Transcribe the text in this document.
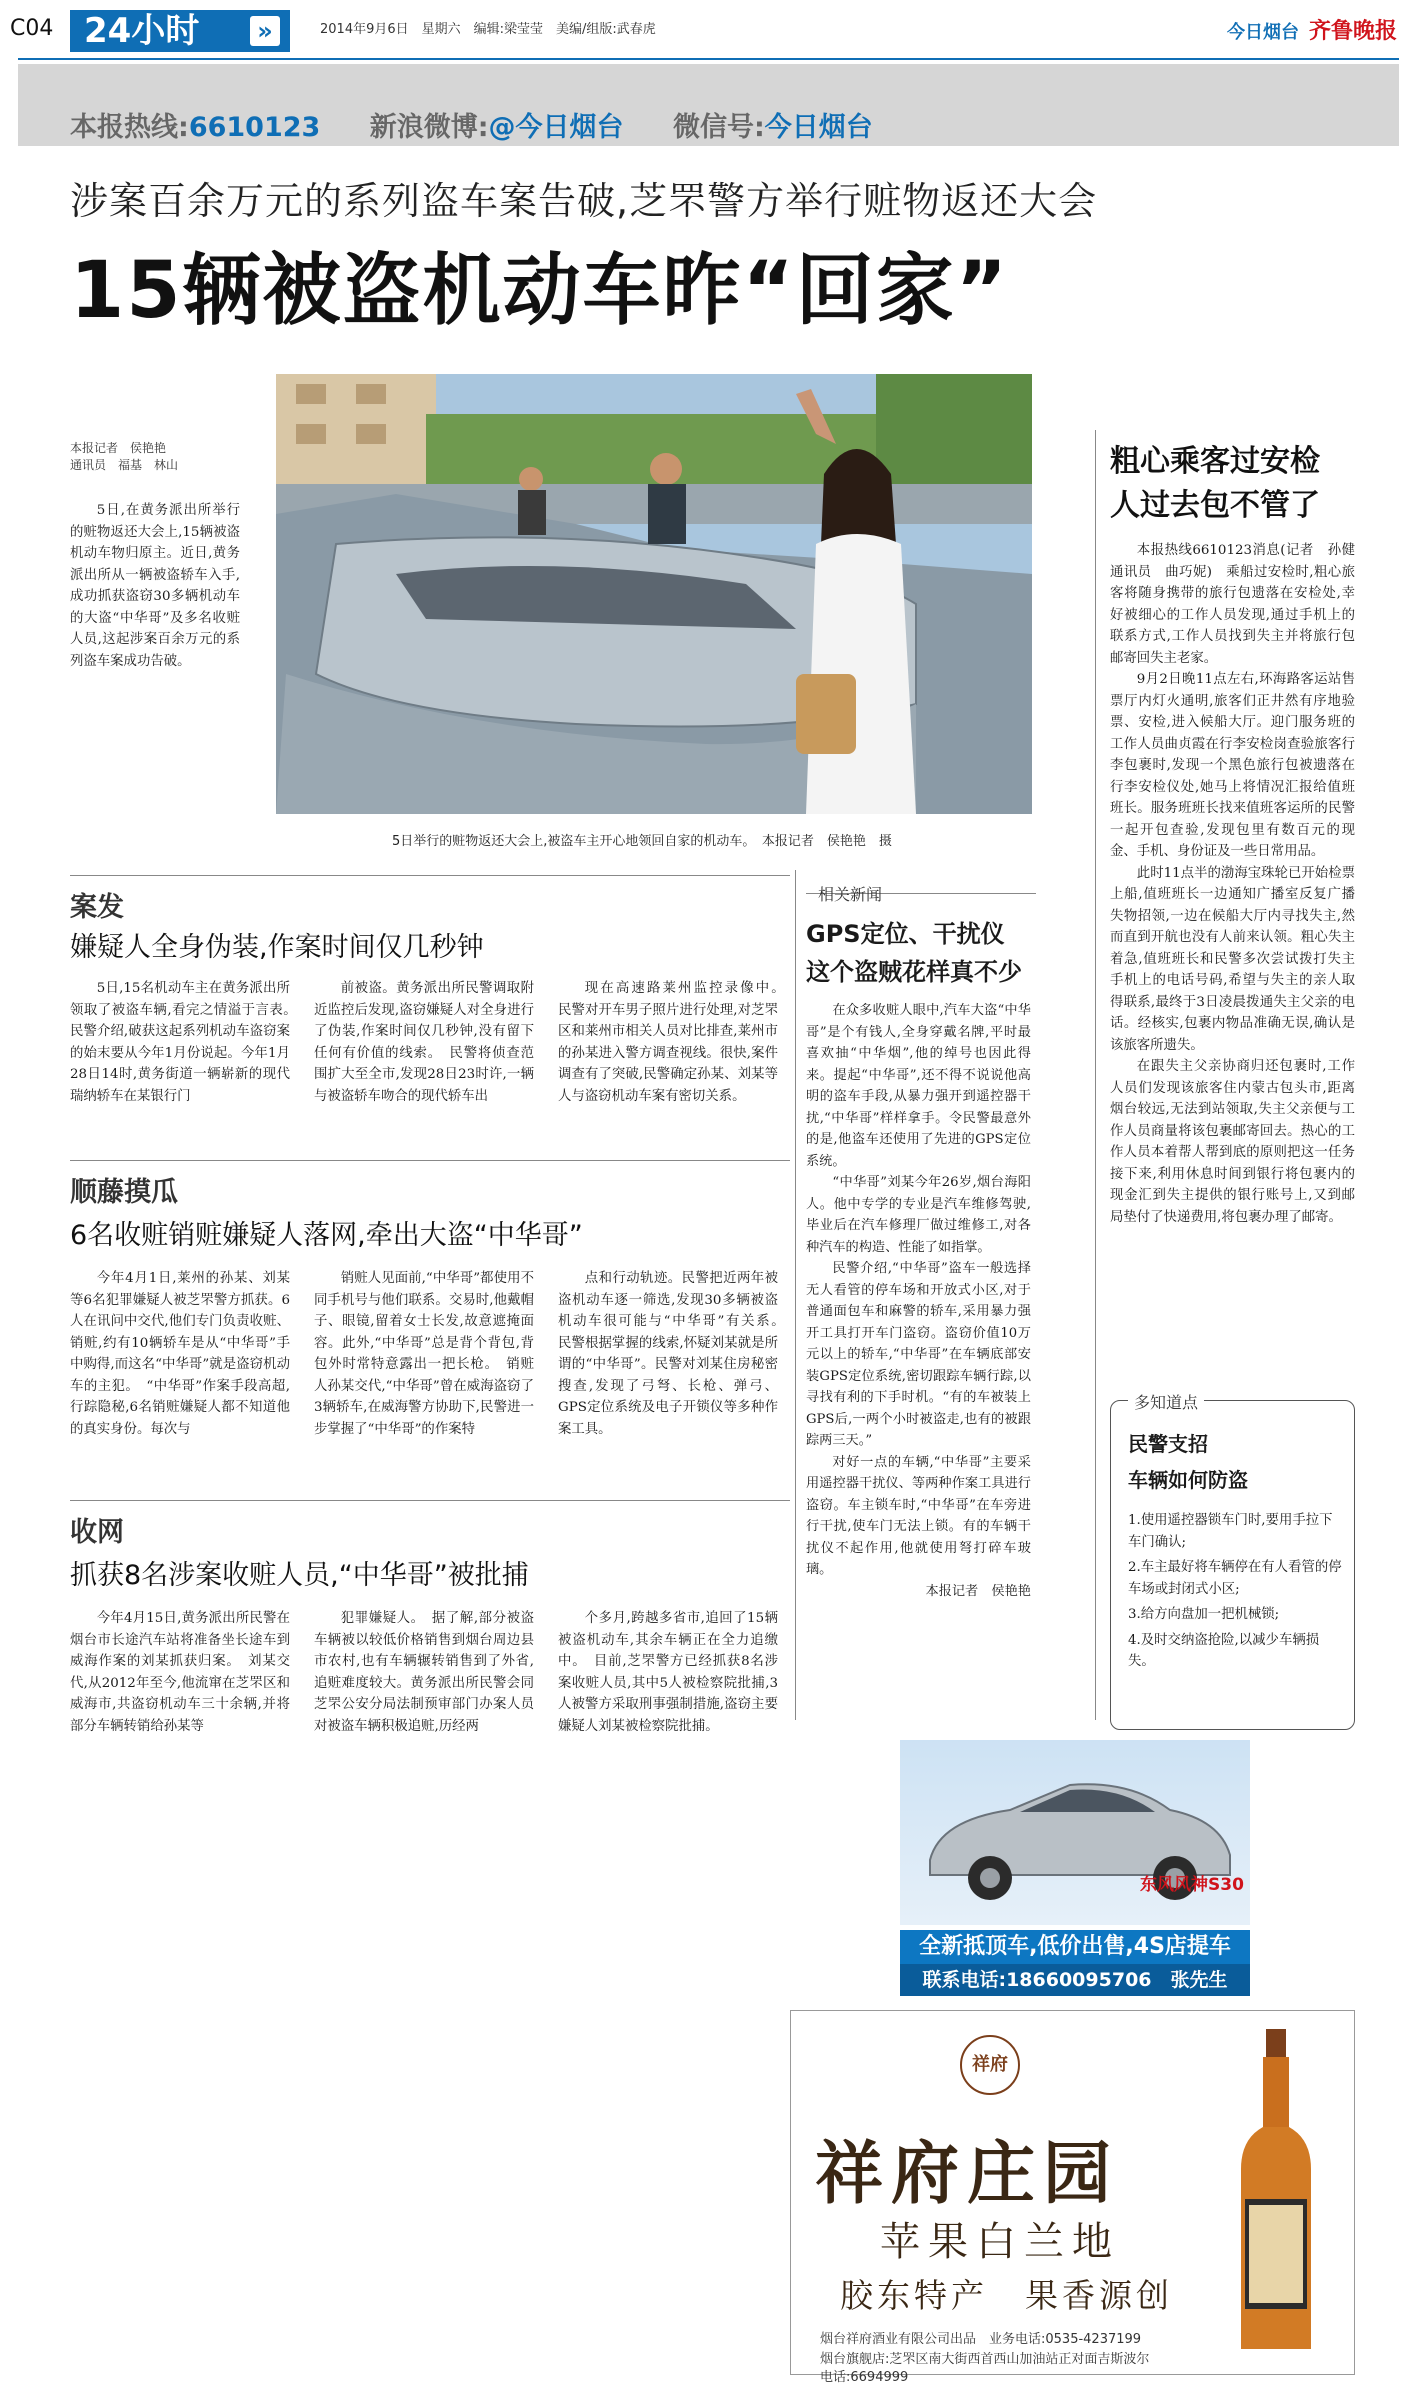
C04 24小时	»	2014年9月6日　星期六　编辑:梁莹莹　美编/组版:武春虎	今日烟台 齐鲁晚报
本报热线:6610123 新浪微博:@今日烟台 微信号:今日烟台
涉案百余万元的系列盗车案告破,芝罘警方举行赃物返还大会
15辆被盗机动车昨“回家”
5日举行的赃物返还大会上,被盗车主开心地领回自家的机动车。　本报记者　侯艳艳　摄
本报记者　侯艳艳
通讯员　福基　林山

5日,在黄务派出所举行的赃物返还大会上,15辆被盗机动车物归原主。近日,黄务派出所从一辆被盗轿车入手,成功抓获盗窃30多辆机动车的大盗“中华哥”及多名收赃人员,这起涉案百余万元的系列盗车案成功告破。

案发
嫌疑人全身伪装,作案时间仅几秒钟

5日,15名机动车主在黄务派出所领取了被盗车辆,看完之情溢于言表。　民警介绍,破获这起系列机动车盗窃案的始末要从今年1月份说起。今年1月28日14时,黄务街道一辆崭新的现代瑞纳轿车在某银行门

前被盗。黄务派出所民警调取附近监控后发现,盗窃嫌疑人对全身进行了伪装,作案时间仅几秒钟,没有留下任何有价值的线索。　民警将侦查范围扩大至全市,发现28日23时许,一辆与被盗轿车吻合的现代轿车出

现在高速路莱州监控录像中。　民警对开车男子照片进行处理,对芝罘区和莱州市相关人员对比排查,莱州市的孙某进入警方调查视线。很快,案件调查有了突破,民警确定孙某、刘某等人与盗窃机动车案有密切关系。

顺藤摸瓜
6名收赃销赃嫌疑人落网,牵出大盗“中华哥”

今年4月1日,莱州的孙某、刘某等6名犯罪嫌疑人被芝罘警方抓获。6人在讯问中交代,他们专门负责收赃、销赃,约有10辆轿车是从“中华哥”手中购得,而这名“中华哥”就是盗窃机动车的主犯。　“中华哥”作案手段高超,行踪隐秘,6名销赃嫌疑人都不知道他的真实身份。每次与

销赃人见面前,“中华哥”都使用不同手机号与他们联系。交易时,他戴帽子、眼镜,留着女士长发,故意遮掩面容。此外,“中华哥”总是背个背包,背包外时常特意露出一把长枪。　销赃人孙某交代,“中华哥”曾在威海盗窃了3辆轿车,在威海警方协助下,民警进一步掌握了“中华哥”的作案特

点和行动轨迹。民警把近两年被盗机动车逐一筛选,发现30多辆被盗机动车很可能与“中华哥”有关系。　民警根据掌握的线索,怀疑刘某就是所谓的“中华哥”。民警对刘某住房秘密搜查,发现了弓弩、长枪、弹弓、GPS定位系统及电子开锁仪等多种作案工具。

收网
抓获8名涉案收赃人员,“中华哥”被批捕

今年4月15日,黄务派出所民警在烟台市长途汽车站将准备坐长途车到威海作案的刘某抓获归案。　刘某交代,从2012年至今,他流窜在芝罘区和威海市,共盗窃机动车三十余辆,并将部分车辆转销给孙某等

犯罪嫌疑人。　据了解,部分被盗车辆被以较低价格销售到烟台周边县市农村,也有车辆辗转销售到了外省,追赃难度较大。黄务派出所民警会同芝罘公安分局法制预审部门办案人员对被盗车辆积极追赃,历经两

个多月,跨越多省市,追回了15辆被盗机动车,其余车辆正在全力追缴中。　目前,芝罘警方已经抓获8名涉案收赃人员,其中5人被检察院批捕,3人被警方采取刑事强制措施,盗窃主要嫌疑人刘某被检察院批捕。

相关新闻
GPS定位、干扰仪
这个盗贼花样真不少

在众多收赃人眼中,汽车大盗“中华哥”是个有钱人,全身穿戴名牌,平时最喜欢抽“中华烟”,他的绰号也因此得来。提起“中华哥”,还不得不说说他高明的盗车手段,从暴力强开到遥控器干扰,“中华哥”样样拿手。令民警最意外的是,他盗车还使用了先进的GPS定位系统。

“中华哥”刘某今年26岁,烟台海阳人。他中专学的专业是汽车维修驾驶,毕业后在汽车修理厂做过维修工,对各种汽车的构造、性能了如指掌。

民警介绍,“中华哥”盗车一般选择无人看管的停车场和开放式小区,对于普通面包车和麻警的轿车,采用暴力强开工具打开车门盗窃。盗窃价值10万元以上的轿车,“中华哥”在车辆底部安装GPS定位系统,密切跟踪车辆行踪,以寻找有利的下手时机。“有的车被装上GPS后,一两个小时被盗走,也有的被跟踪两三天。”

对好一点的车辆,“中华哥”主要采用遥控器干扰仪、等两种作案工具进行盗窃。车主锁车时,“中华哥”在车旁进行干扰,使车门无法上锁。有的车辆干扰仪不起作用,他就使用弩打碎车玻璃。

本报记者　侯艳艳

粗心乘客过安检
人过去包不管了

本报热线6610123消息(记者　孙健　通讯员　曲巧妮)　乘船过安检时,粗心旅客将随身携带的旅行包遗落在安检处,幸好被细心的工作人员发现,通过手机上的联系方式,工作人员找到失主并将旅行包邮寄回失主老家。

9月2日晚11点左右,环海路客运站售票厅内灯火通明,旅客们正井然有序地验票、安检,进入候船大厅。迎门服务班的工作人员曲贞霞在行李安检岗查验旅客行李包裹时,发现一个黑色旅行包被遗落在行李安检仪处,她马上将情况汇报给值班班长。服务班班长找来值班客运所的民警一起开包查验,发现包里有数百元的现金、手机、身份证及一些日常用品。

此时11点半的渤海宝珠轮已开始检票上船,值班班长一边通知广播室反复广播失物招领,一边在候船大厅内寻找失主,然而直到开航也没有人前来认领。粗心失主着急,值班班长和民警多次尝试拨打失主手机上的电话号码,希望与失主的亲人取得联系,最终于3日凌晨拨通失主父亲的电话。经核实,包裹内物品准确无误,确认是该旅客所遗失。

在跟失主父亲协商归还包裹时,工作人员们发现该旅客住内蒙古包头市,距离烟台较远,无法到站领取,失主父亲便与工作人员商量将该包裹邮寄回去。热心的工作人员本着帮人帮到底的原则把这一任务接下来,利用休息时间到银行将包裹内的现金汇到失主提供的银行账号上,又到邮局垫付了快递费用,将包裹办理了邮寄。

多知道点
民警支招
车辆如何防盗
1.使用遥控器锁车门时,要用手拉下车门确认;
2.车主最好将车辆停在有人看管的停车场或封闭式小区;
3.给方向盘加一把机械锁;
4.及时交纳盗抢险,以减少车辆损失。
东风风神S30
全新抵顶车,低价出售,4S店提车
联系电话:18660095706　张先生
祥府
祥府庄园
苹果白兰地
胶东特产　果香源创
烟台祥府酒业有限公司出品　业务电话:0535-4237199
烟台旗舰店:芝罘区南大街西首西山加油站正对面吉斯波尔
电话:6694999
